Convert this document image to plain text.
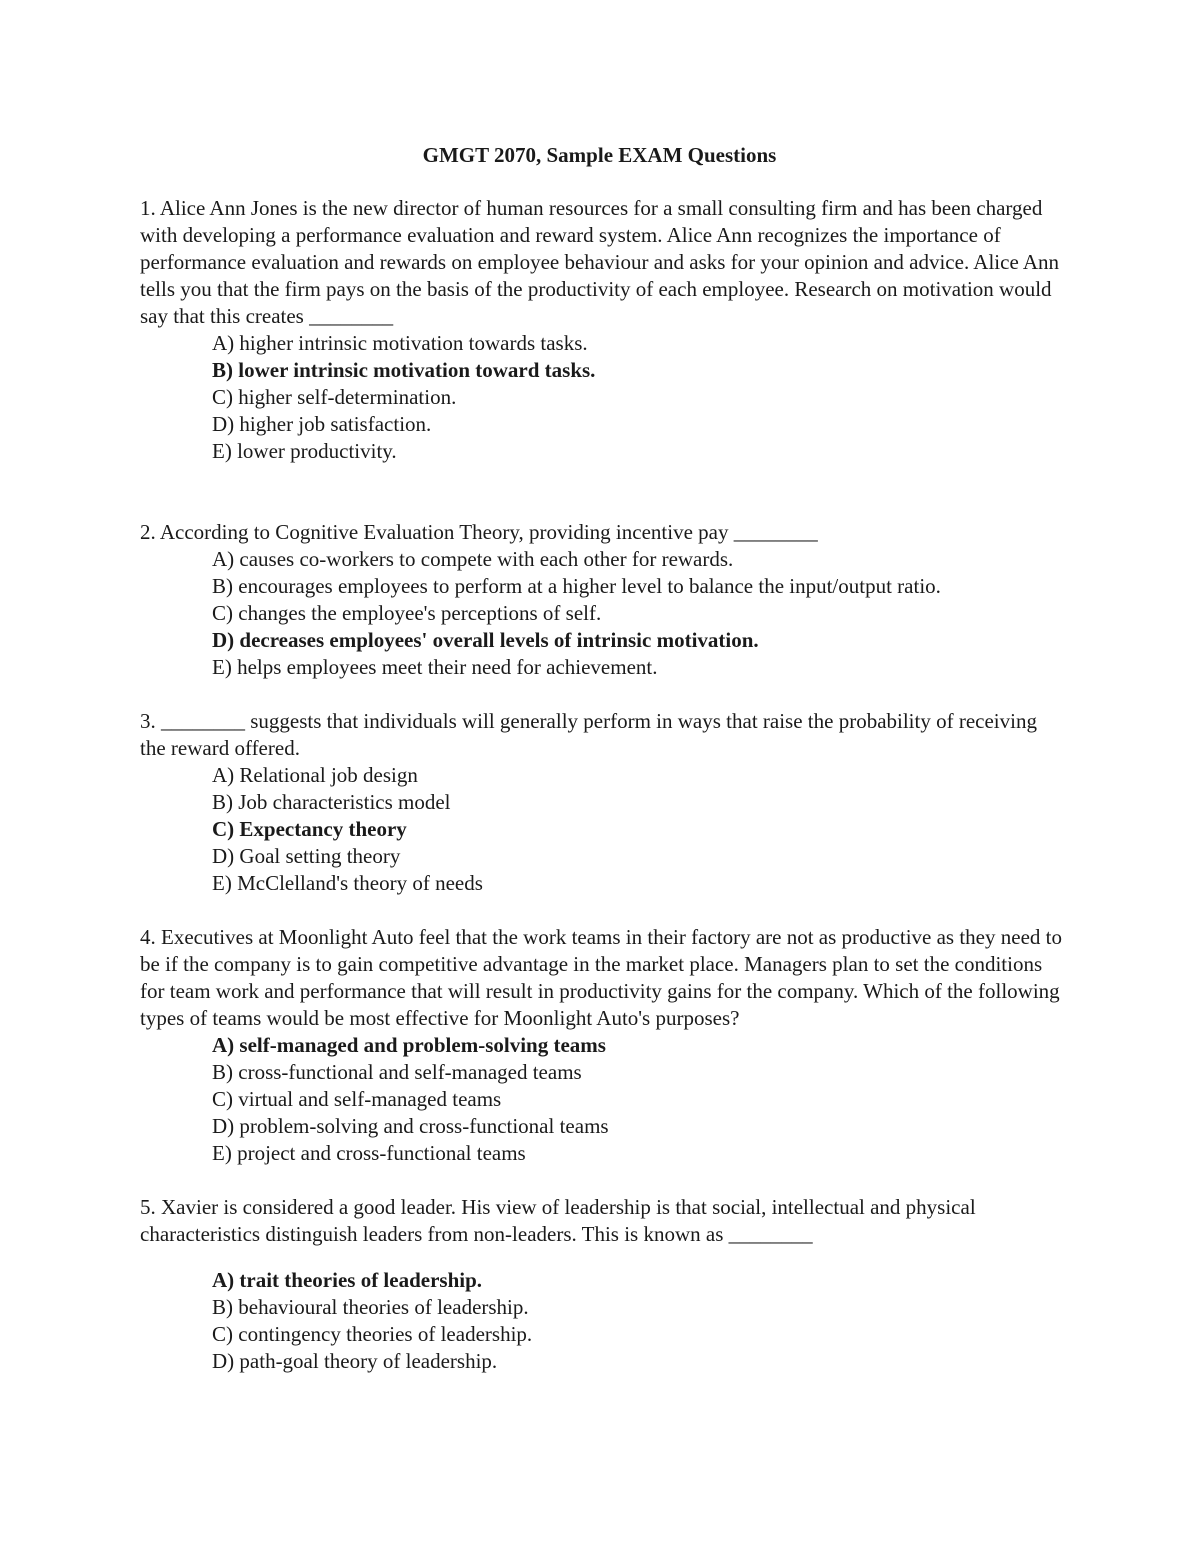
GMGT 2070, Sample EXAM Questions

1. Alice Ann Jones is the new director of human resources for a small consulting firm and has been charged with developing a performance evaluation and reward system. Alice Ann recognizes the importance of performance evaluation and rewards on employee behaviour and asks for your opinion and advice. Alice Ann tells you that the firm pays on the basis of the productivity of each employee. Research on motivation would say that this creates ________

A) higher intrinsic motivation towards tasks.
B) lower intrinsic motivation toward tasks.
C) higher self-determination.
D) higher job satisfaction.
E) lower productivity.

2. According to Cognitive Evaluation Theory, providing incentive pay ________

A) causes co-workers to compete with each other for rewards.
B) encourages employees to perform at a higher level to balance the input/output ratio.
C) changes the employee's perceptions of self.
D) decreases employees' overall levels of intrinsic motivation.
E) helps employees meet their need for achievement.

3. ________ suggests that individuals will generally perform in ways that raise the probability of receiving the reward offered.

A) Relational job design
B) Job characteristics model
C) Expectancy theory
D) Goal setting theory
E) McClelland's theory of needs

4. Executives at Moonlight Auto feel that the work teams in their factory are not as productive as they need to be if the company is to gain competitive advantage in the market place. Managers plan to set the conditions for team work and performance that will result in productivity gains for the company. Which of the following types of teams would be most effective for Moonlight Auto's purposes?

A) self-managed and problem-solving teams
B) cross-functional and self-managed teams
C) virtual and self-managed teams
D) problem-solving and cross-functional teams
E) project and cross-functional teams

5. Xavier is considered a good leader. His view of leadership is that social, intellectual and physical characteristics distinguish leaders from non-leaders. This is known as ________

A) trait theories of leadership.
B) behavioural theories of leadership.
C) contingency theories of leadership.
D) path-goal theory of leadership.
